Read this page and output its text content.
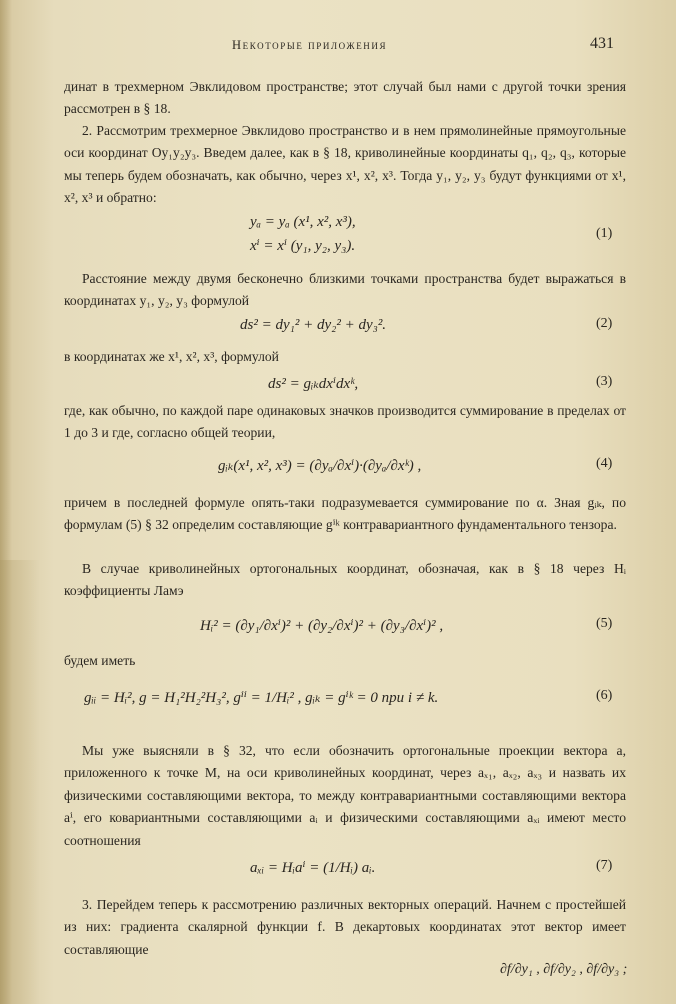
Некоторые приложения	431

динат в трехмерном Эвклидовом пространстве; этот случай был нами с другой точки зрения рассмотрен в § 18.

2. Рассмотрим трехмерное Эвклидово пространство и в нем прямолинейные прямоугольные оси координат Oy₁y₂y₃. Введем далее, как в § 18, криволинейные координаты q₁, q₂, q₃, которые мы теперь будем обозначать, как обычно, через x¹, x², x³. Тогда y₁, y₂, y₃ будут функциями от x¹, x², x³ и обратно:

yₐ = yₐ (x¹, x², x³),
xⁱ = xⁱ (y₁, y₂, y₃).
(1)

Расстояние между двумя бесконечно близкими точками пространства будет выражаться в координатах y₁, y₂, y₃ формулой

ds² = dy₁² + dy₂² + dy₃².	(2)

в координатах же x¹, x², x³, формулой

ds² = gᵢₖdxⁱdxᵏ,	(3)

где, как обычно, по каждой паре одинаковых значков производится суммирование в пределах от 1 до 3 и где, согласно общей теории,

gᵢₖ(x¹, x², x³) = (∂yₐ/∂xⁱ)·(∂yₐ/∂xᵏ) ,	(4)

причем в последней формуле опять-таки подразумевается суммирование по α. Зная gᵢₖ, по формулам (5) § 32 определим составляющие gⁱᵏ контравариантного фундаментального тензора.

В случае криволинейных ортогональных координат, обозначая, как в § 18 через Hᵢ коэффициенты Ламэ

Hᵢ² = (∂y₁/∂xⁱ)² + (∂y₂/∂xⁱ)² + (∂y₃/∂xⁱ)² ,	(5)

будем иметь

gᵢᵢ = Hᵢ², g = H₁²H₂²H₃², gⁱⁱ = 1/Hᵢ² , gᵢₖ = gⁱᵏ = 0 при i ≠ k.	(6)

Мы уже выясняли в § 32, что если обозначить ортогональные проекции вектора a, приложенного к точке M, на оси криволинейных координат, через aₓ₁, aₓ₂, aₓ₃ и назвать их физическими составляющими вектора, то между контравариантными составляющими вектора aⁱ, его ковариантными составляющими aᵢ и физическими составляющими aₓᵢ имеют место соотношения

aₓᵢ = Hᵢaⁱ = (1/Hᵢ) aᵢ.	(7)

3. Перейдем теперь к рассмотрению различных векторных операций. Начнем с простейшей из них: градиента скалярной функции f. В декартовых координатах этот вектор имеет составляющие

∂f/∂y₁ , ∂f/∂y₂ , ∂f/∂y₃ ;
